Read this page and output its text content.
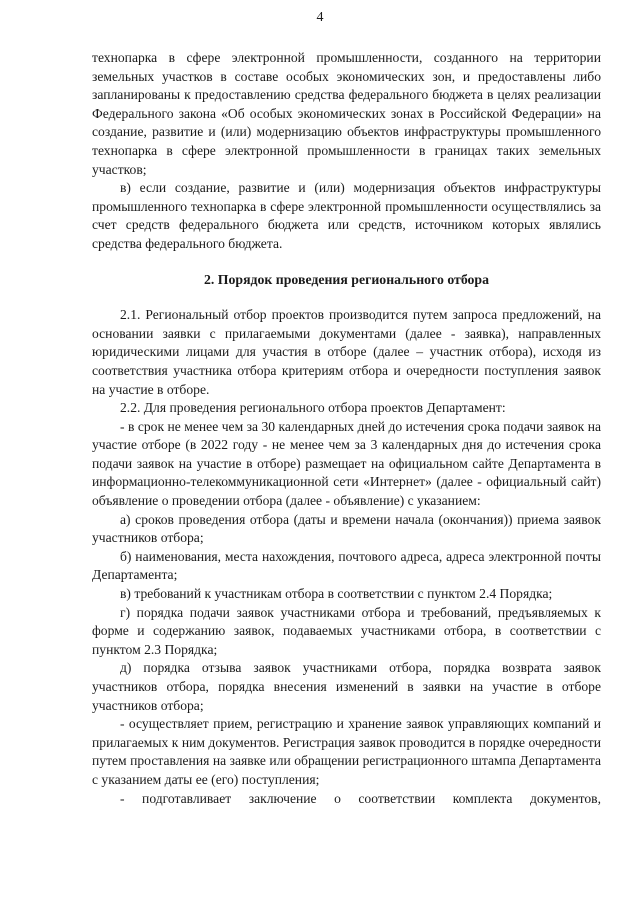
4

технопарка в сфере электронной промышленности, созданного на территории земельных участков в составе особых экономических зон, и предоставлены либо запланированы к предоставлению средства федерального бюджета в целях реализации Федерального закона «Об особых экономических зонах в Российской Федерации» на создание, развитие и (или) модернизацию объектов инфраструктуры промышленного технопарка в сфере электронной промышленности в границах таких земельных участков;

в) если создание, развитие и (или) модернизация объектов инфраструктуры промышленного технопарка в сфере электронной промышленности осуществлялись за счет средств федерального бюджета или средств, источником которых являлись средства федерального бюджета.

2. Порядок проведения регионального отбора

2.1. Региональный отбор проектов производится путем запроса предложений, на основании заявки с прилагаемыми документами (далее - заявка), направленных юридическими лицами для участия в отборе (далее – участник отбора), исходя из соответствия участника отбора критериям отбора и очередности поступления заявок на участие в отборе.

2.2. Для проведения регионального отбора проектов Департамент:

- в срок не менее чем за 30 календарных дней до истечения срока подачи заявок на участие отборе (в 2022 году - не менее чем за 3 календарных дня до истечения срока подачи заявок на участие в отборе) размещает на официальном сайте Департамента в информационно-телекоммуникационной сети «Интернет» (далее - официальный сайт) объявление о проведении отбора (далее - объявление) с указанием:

а) сроков проведения отбора (даты и времени начала (окончания)) приема заявок участников отбора;

б) наименования, места нахождения, почтового адреса, адреса электронной почты Департамента;

в) требований к участникам отбора в соответствии с пунктом 2.4 Порядка;

г) порядка подачи заявок участниками отбора и требований, предъявляемых к форме и содержанию заявок, подаваемых участниками отбора, в соответствии с пунктом 2.3 Порядка;

д) порядка отзыва заявок участниками отбора, порядка возврата заявок участников отбора, порядка внесения изменений в заявки на участие в отборе участников отбора;

- осуществляет прием, регистрацию и хранение заявок управляющих компаний и прилагаемых к ним документов. Регистрация заявок проводится в порядке очередности путем проставления на заявке или обращении регистрационного штампа Департамента с указанием даты ее (его) поступления;

- подготавливает заключение о соответствии комплекта документов,
